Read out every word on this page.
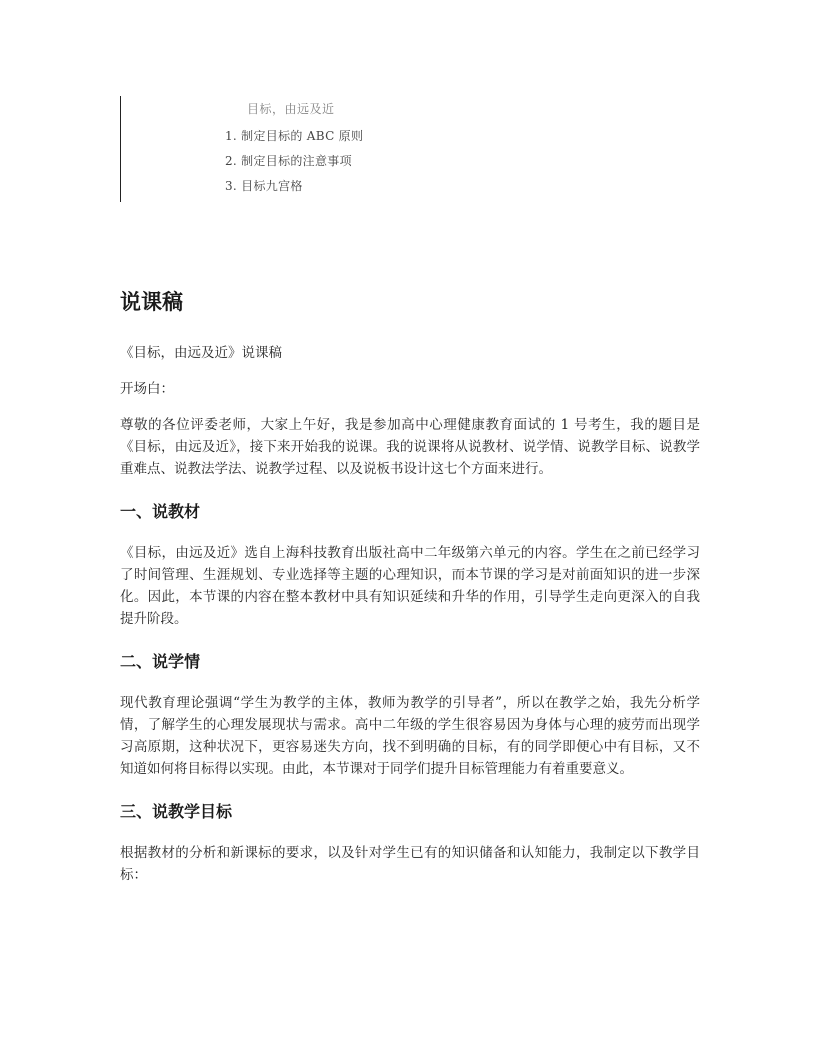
目标，由远及近
1. 制定目标的 ABC 原则
2. 制定目标的注意事项
3. 目标九宫格
说课稿

《目标，由远及近》说课稿

开场白：

尊敬的各位评委老师，大家上午好，我是参加高中心理健康教育面试的 1 号考生，我的题目是《目标，由远及近》，接下来开始我的说课。我的说课将从说教材、说学情、说教学目标、说教学重难点、说教法学法、说教学过程、以及说板书设计这七个方面来进行。

一、说教材

《目标，由远及近》选自上海科技教育出版社高中二年级第六单元的内容。学生在之前已经学习了时间管理、生涯规划、专业选择等主题的心理知识，而本节课的学习是对前面知识的进一步深化。因此，本节课的内容在整本教材中具有知识延续和升华的作用，引导学生走向更深入的自我提升阶段。

二、说学情

现代教育理论强调“学生为教学的主体，教师为教学的引导者”，所以在教学之始，我先分析学情，了解学生的心理发展现状与需求。高中二年级的学生很容易因为身体与心理的疲劳而出现学习高原期，这种状况下，更容易迷失方向，找不到明确的目标，有的同学即便心中有目标，又不知道如何将目标得以实现。由此，本节课对于同学们提升目标管理能力有着重要意义。

三、说教学目标

根据教材的分析和新课标的要求，以及针对学生已有的知识储备和认知能力，我制定以下教学目标：
